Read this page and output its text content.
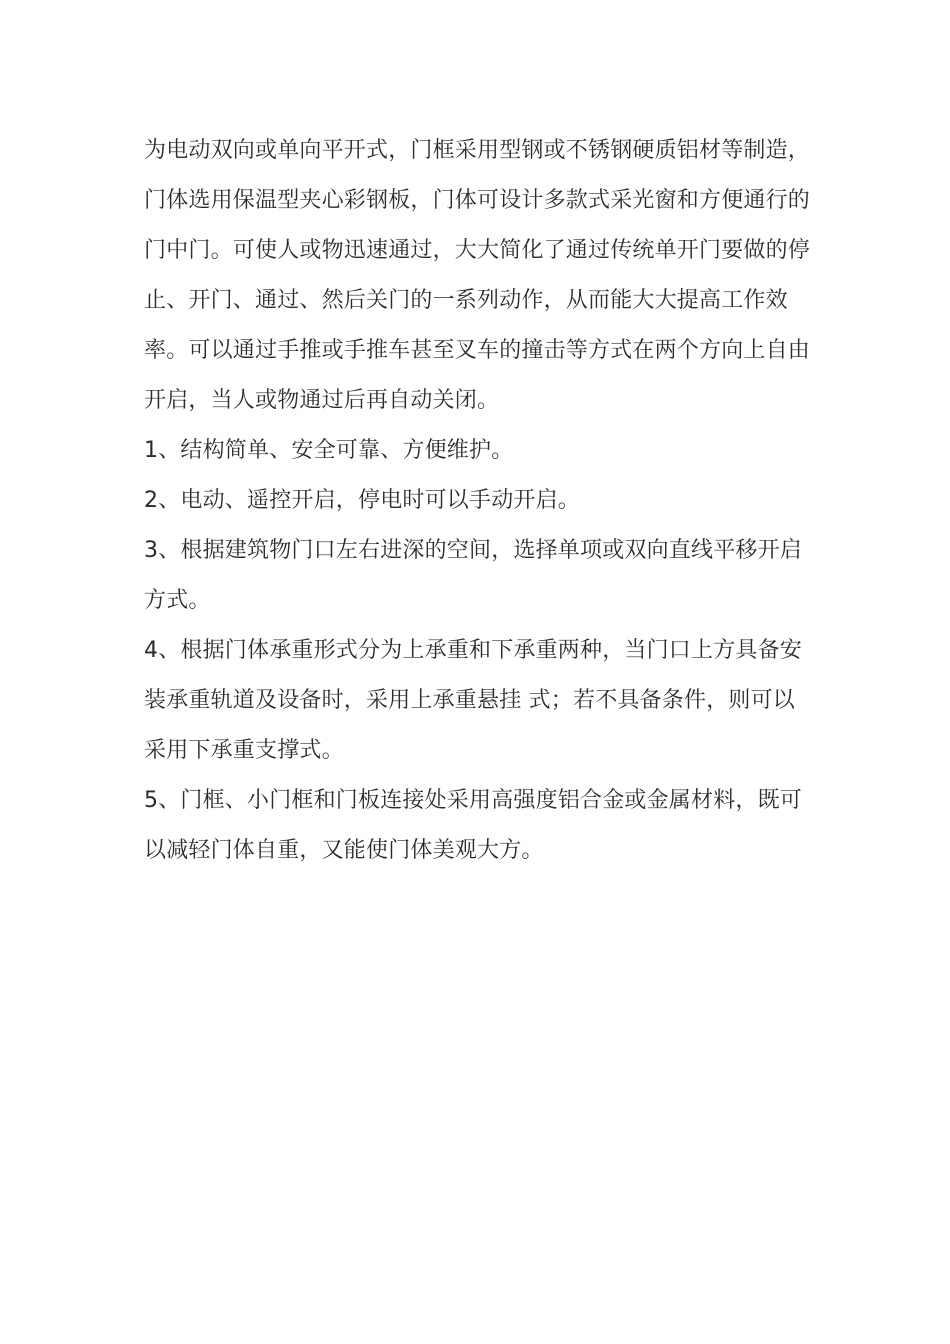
为电动双向或单向平开式，门框采用型钢或不锈钢硬质铝材等制造，门体选用保温型夹心彩钢板，门体可设计多款式采光窗和方便通行的门中门。可使人或物迅速通过，大大简化了通过传统单开门要做的停止、开门、通过、然后关门的一系列动作，从而能大大提高工作效率。可以通过手推或手推车甚至叉车的撞击等方式在两个方向上自由开启，当人或物通过后再自动关闭。

1、结构简单、安全可靠、方便维护。

2、电动、遥控开启，停电时可以手动开启。

3、根据建筑物门口左右进深的空间，选择单项或双向直线平移开启方式。

4、根据门体承重形式分为上承重和下承重两种，当门口上方具备安装承重轨道及设备时，采用上承重悬挂 式；若不具备条件，则可以采用下承重支撑式。

5、门框、小门框和门板连接处采用高强度铝合金或金属材料，既可以减轻门体自重，又能使门体美观大方。
